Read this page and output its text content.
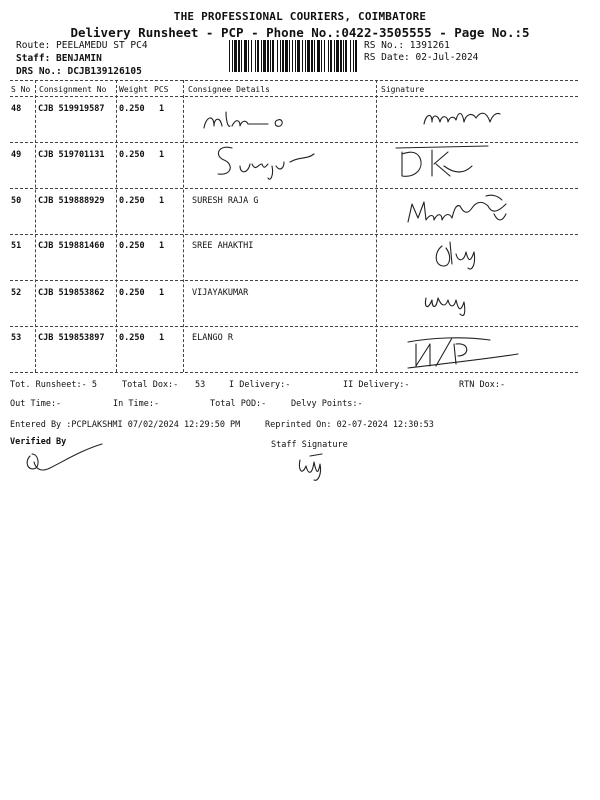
THE PROFESSIONAL COURIERS, COIMBATORE
Delivery Runsheet - PCP - Phone No.:0422-3505555 - Page No.:5
Route: PEELAMEDU ST PC4
Staff: BENJAMIN
DRS No.: DCJB139126105
RS No.: 1391261
RS Date: 02-Jul-2024
S No Consignment No Weight PCS Consignee Details	Signature
48 CJB 519919587 0.250 1
49 CJB 519701131 0.250 1
50 CJB 519888929 0.250 1	SURESH RAJA G
51 CJB 519881460 0.250 1	SREE AHAKTHI
52 CJB 519853862 0.250 1	VIJAYAKUMAR
53 CJB 519853897 0.250 1	ELANGO R
Tot. Runsheet:- 5	Total Dox:- 53	I Delivery:-	II Delivery:-	RTN Dox:-
Out Time:-	In Time:-	Total POD:-	Delvy Points:-
Entered By :PCPLAKSHMI 07/02/2024 12:29:50 PM	Reprinted On: 02-07-2024 12:30:53
Verified By	Staff Signature
